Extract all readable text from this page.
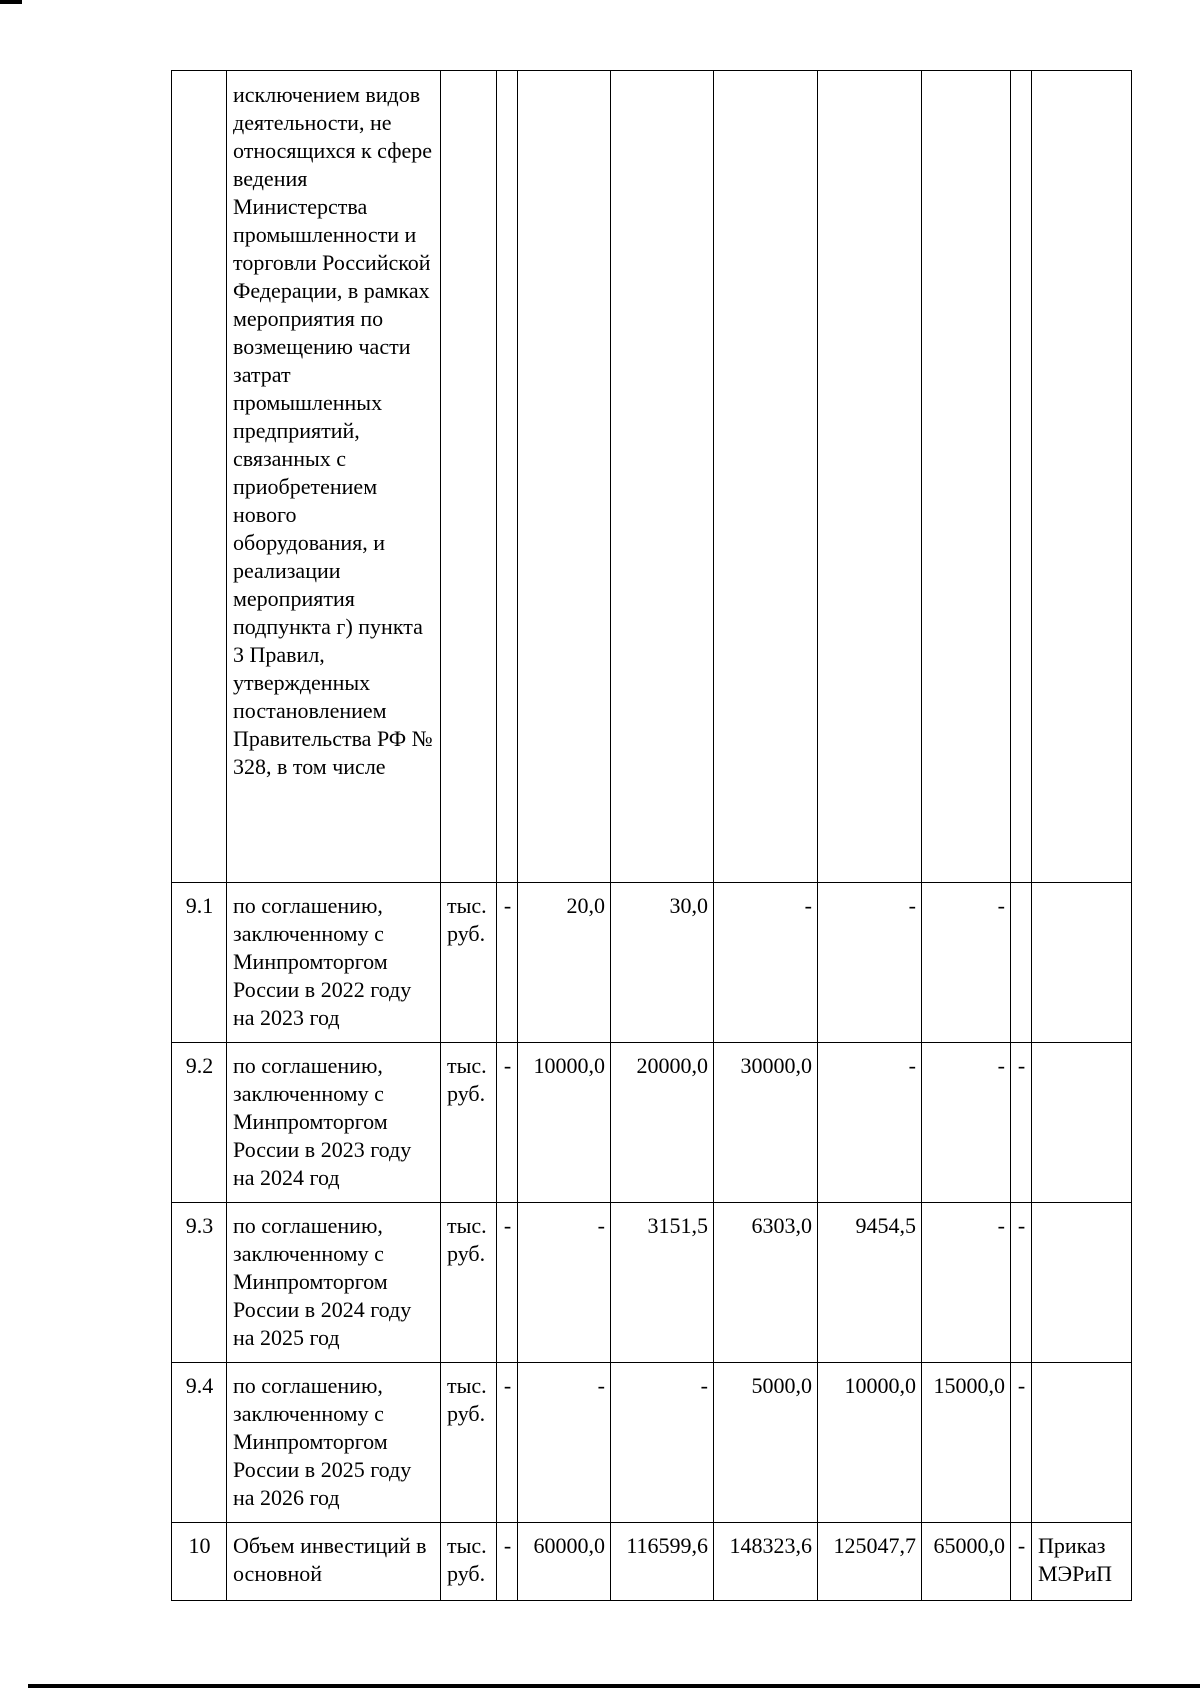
	исключением видов деятельности, не относящихся к сфере ведения Министерства промышленности и торговли Российской Федерации, в рамках мероприятия по возмещению части затрат промышленных предприятий, связанных с приобретением нового оборудования, и реализации мероприятия подпункта г) пункта 3 Правил, утвержденных постановлением Правительства РФ № 328, в том числе									
9.1	по соглашению, заключенному с Минпромторгом России в 2022 году на 2023 год	тыс. руб.	-	20,0	30,0	-	-	-		
9.2	по соглашению, заключенному с Минпромторгом России в 2023 году на 2024 год	тыс. руб.	-	10000,0	20000,0	30000,0	-	-	-	
9.3	по соглашению, заключенному с Минпромторгом России в 2024 году на 2025 год	тыс. руб.	-	-	3151,5	6303,0	9454,5	-	-	
9.4	по соглашению, заключенному с Минпромторгом России в 2025 году на 2026 год	тыс. руб.	-	-	-	5000,0	10000,0	15000,0	-	
10	Объем инвестиций в основной	тыс. руб.	-	60000,0	116599,6	148323,6	125047,7	65000,0	-	Приказ МЭРиП
